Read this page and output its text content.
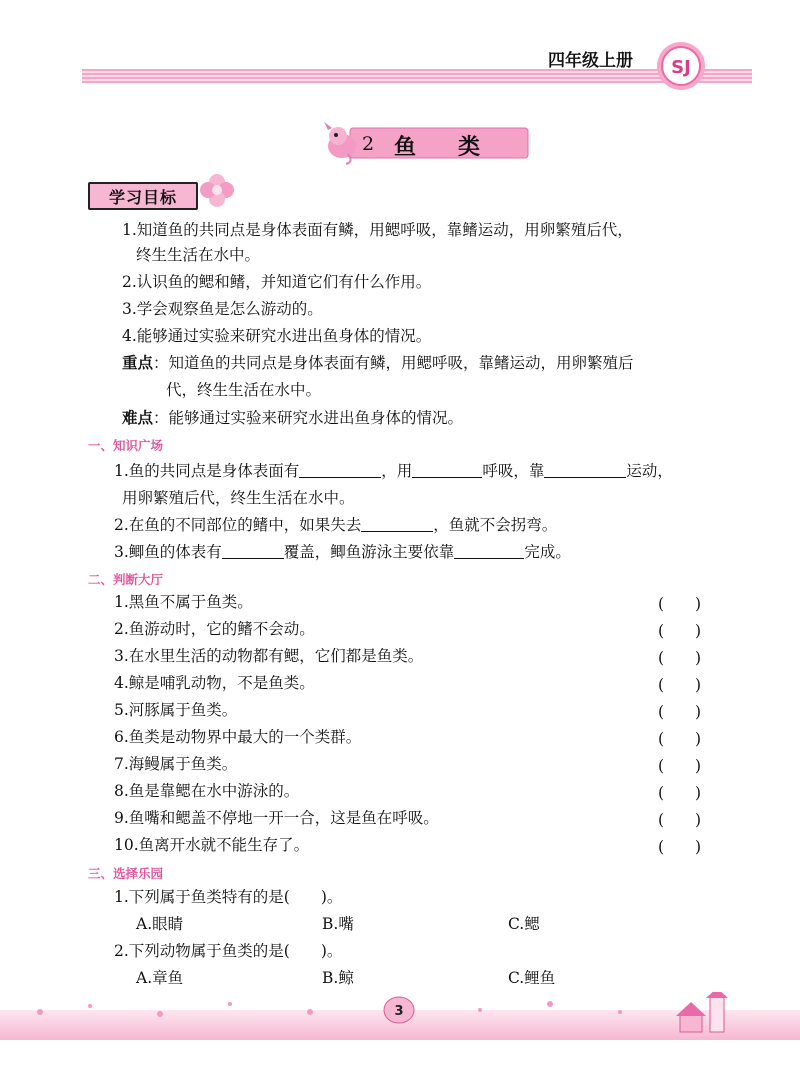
四年级上册 SJ
2 鱼 类
学习目标
1.知道鱼的共同点是身体表面有鳞，用鳃呼吸，靠鳍运动，用卵繁殖后代，
终生生活在水中。
2.认识鱼的鳃和鳍，并知道它们有什么作用。
3.学会观察鱼是怎么游动的。
4.能够通过实验来研究水进出鱼身体的情况。
重点：知道鱼的共同点是身体表面有鳞，用鳃呼吸，靠鳍运动，用卵繁殖后
代，终生生活在水中。
难点：能够通过实验来研究水进出鱼身体的情况。
一、知识广场
1.鱼的共同点是身体表面有	，用	呼吸，靠	运动，
用卵繁殖后代，终生生活在水中。
2.在鱼的不同部位的鳍中，如果失去	，鱼就不会拐弯。
3.鲫鱼的体表有	覆盖，鲫鱼游泳主要依靠	完成。
二、判断大厅
1.黑鱼不属于鱼类。	(　　)
2.鱼游动时，它的鳍不会动。	(　　)
3.在水里生活的动物都有鳃，它们都是鱼类。	(　　)
4.鲸是哺乳动物，不是鱼类。	(　　)
5.河豚属于鱼类。	(　　)
6.鱼类是动物界中最大的一个类群。	(　　)
7.海鳗属于鱼类。	(　　)
8.鱼是靠鳃在水中游泳的。	(　　)
9.鱼嘴和鳃盖不停地一开一合，这是鱼在呼吸。	(　　)
10.鱼离开水就不能生存了。	(　　)
三、选择乐园
1.下列属于鱼类特有的是(　　)。
A.眼睛	B.嘴	C.鳃
2.下列动物属于鱼类的是(　　)。
A.章鱼	B.鲸	C.鲤鱼
3
